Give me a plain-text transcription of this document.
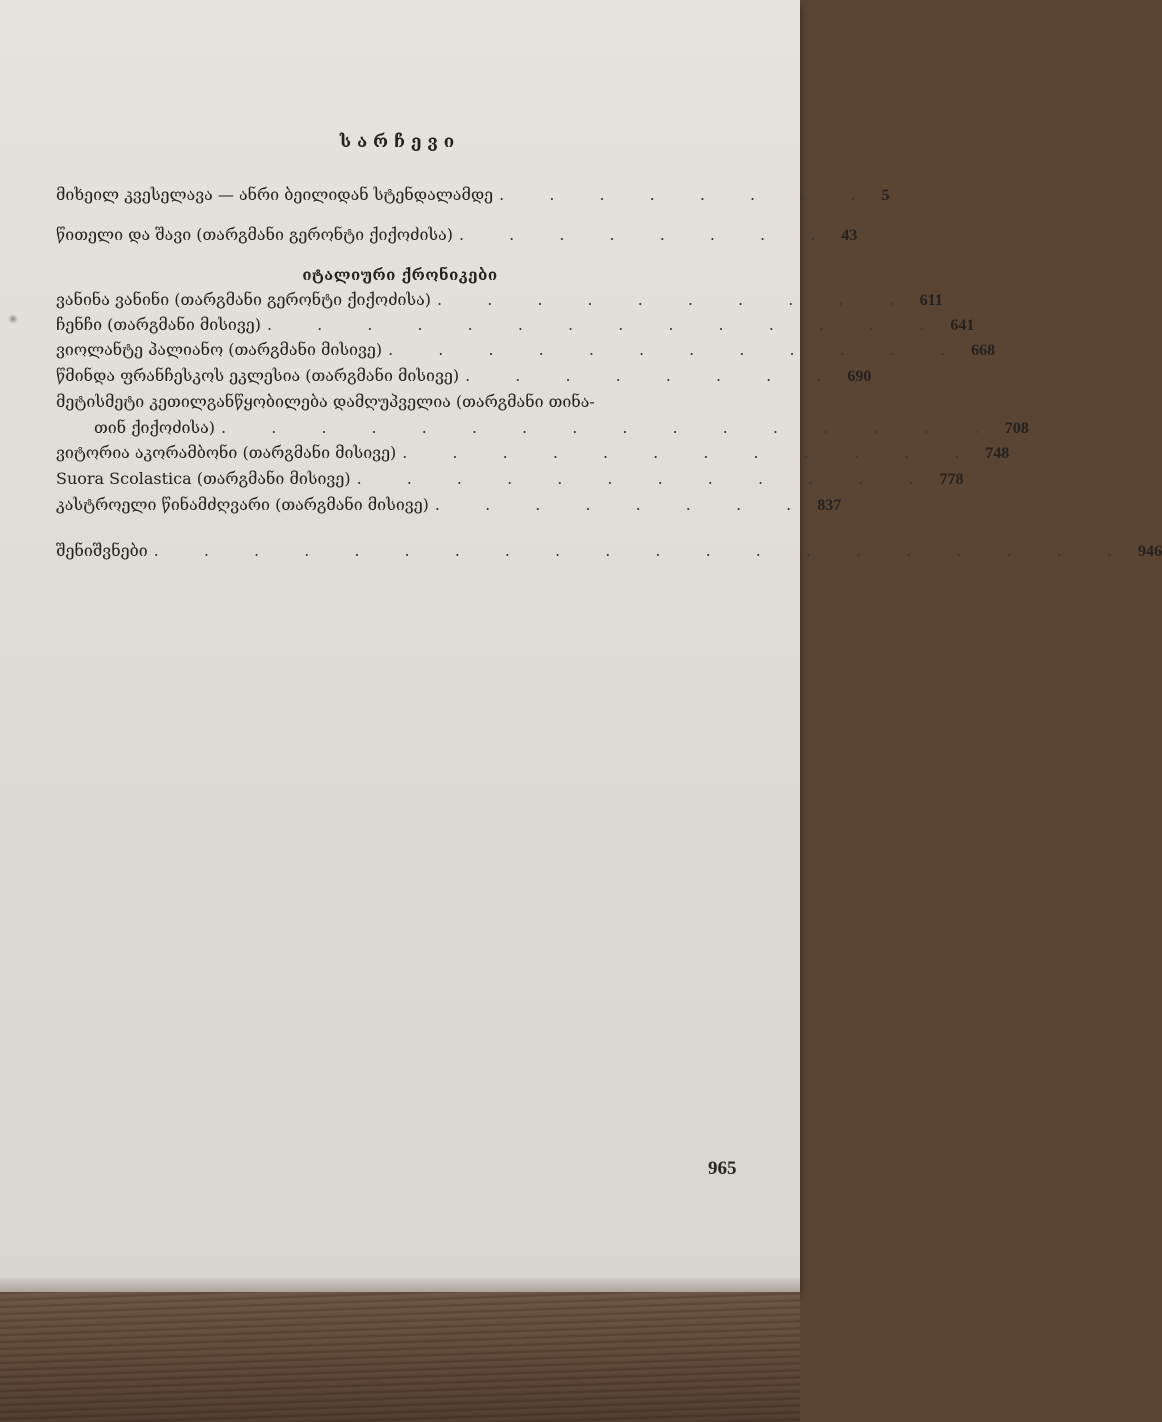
სარჩევი
მიხეილ კვესელავა — ანრი ბეილიდან სტენდალამდე . . . . . . . . 5
წითელი და შავი (თარგმანი გერონტი ქიქოძისა) . . . . . . . . 43
იტალიური ქრონიკები
ვანინა ვანინი (თარგმანი გერონტი ქიქოძისა) . . . . . . . . . . 611
ჩენჩი (თარგმანი მისივე) . . . . . . . . . . . . . . 641
ვიოლანტე პალიანო (თარგმანი მისივე) . . . . . . . . . . . . 668
წმინდა ფრანჩესკოს ეკლესია (თარგმანი მისივე) . . . . . . . . 690
მეტისმეტი კეთილგანწყობილება დამღუპველია (თარგმანი თინა-
თინ ქიქოძისა) . . . . . . . . . . . . . . . . 708
ვიტორია აკორამბონი (თარგმანი მისივე) . . . . . . . . . . . . 748
Suora Scolastica (თარგმანი მისივე) . . . . . . . . . . . . 778
კასტროელი წინამძღვარი (თარგმანი მისივე) . . . . . . . . 837
შენიშვნები . . . . . . . . . . . . . . . . . . . . 946
965
